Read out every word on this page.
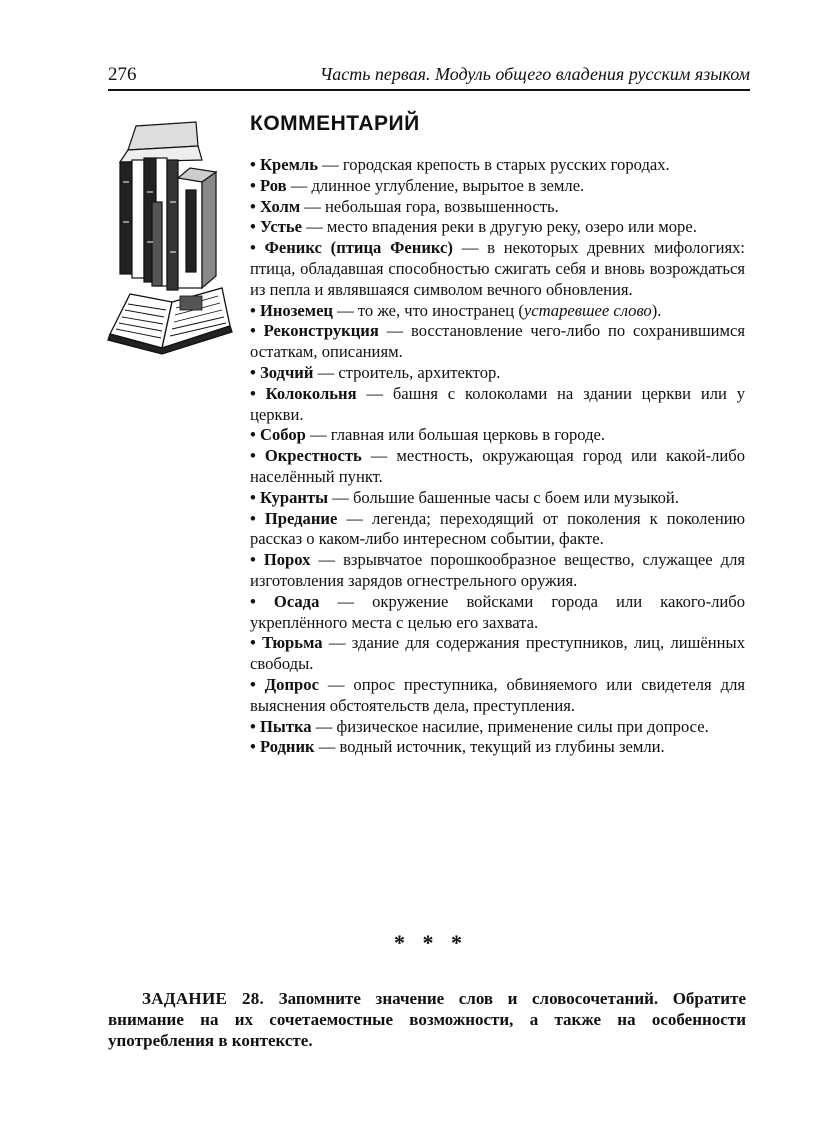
276	Часть первая. Модуль общего владения русским языком
КОММЕНТАРИЙ

• Кремль — городская крепость в старых русских городах.

• Ров — длинное углубление, вырытое в земле.

• Холм — небольшая гора, возвышенность.

• Устье — место впадения реки в другую реку, озеро или море.

• Феникс (птица Феникс) — в некоторых древних мифологиях: птица, обладавшая способностью сжигать себя и вновь возрождаться из пепла и являвшаяся символом вечного обновления.

• Иноземец — то же, что иностранец (устаревшее слово).

• Реконструкция — восстановление чего-либо по сохранившимся остаткам, описаниям.

• Зодчий — строитель, архитектор.

• Колокольня — башня с колоколами на здании церкви или у церкви.

• Собор — главная или большая церковь в городе.

• Окрестность — местность, окружающая город или какой-либо населённый пункт.

• Куранты — большие башенные часы с боем или музыкой.

• Предание — легенда; переходящий от поколения к поколению рассказ о каком-либо интересном событии, факте.

• Порох — взрывчатое порошкообразное вещество, служащее для изготовления зарядов огнестрельного оружия.

• Осада — окружение войсками города или какого-либо укреплённого места с целью его захвата.

• Тюрьма — здание для содержания преступников, лиц, лишённых свободы.

• Допрос — опрос преступника, обвиняемого или свидетеля для выяснения обстоятельств дела, преступления.

• Пытка — физическое насилие, применение силы при допросе.

• Родник — водный источник, текущий из глубины земли.

* * *
ЗАДАНИЕ 28. Запомните значение слов и словосочетаний. Обратите внимание на их сочетаемостные возможности, а также на особенности употребления в контексте.
